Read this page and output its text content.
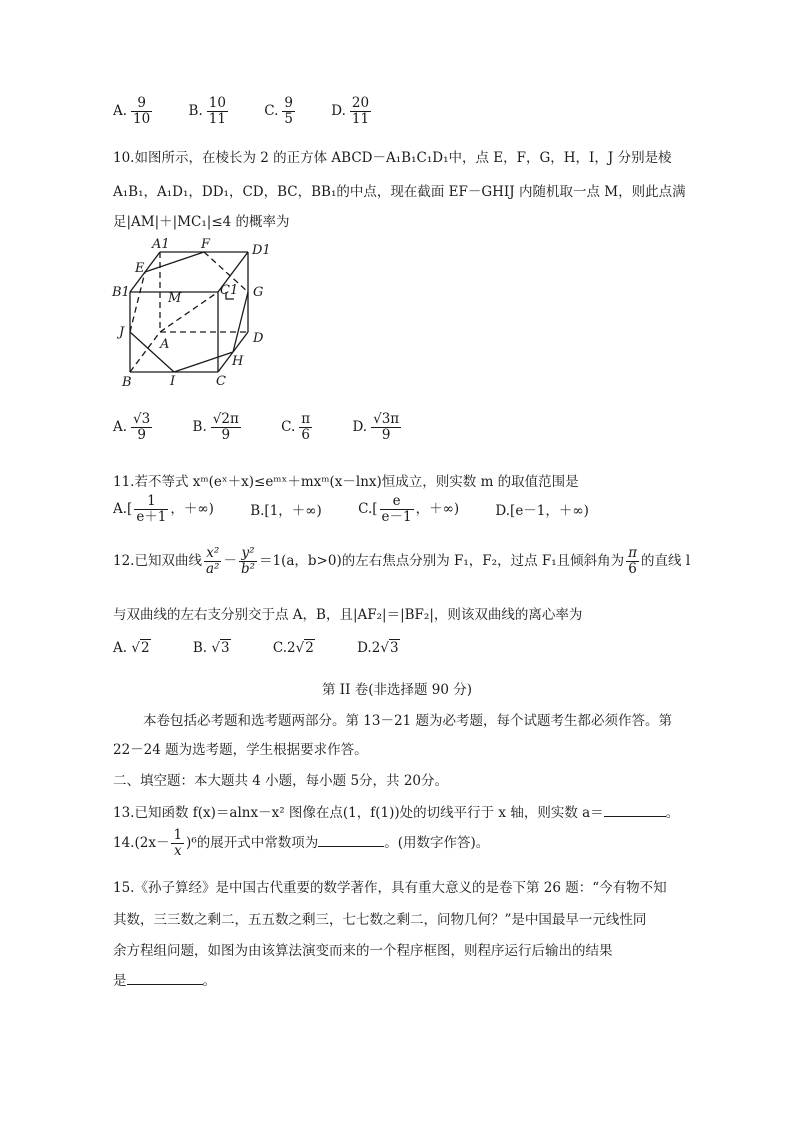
A. $\frac{9}{10}$	B. $\frac{10}{11}$	C. $\frac{9}{5}$	D. $\frac{20}{11}$
10.如图所示，在棱长为 2 的正方体 ABCD－A₁B₁C₁D₁中，点 E，F，G，H，I，J 分别是棱
A₁B₁，A₁D₁，DD₁，CD，BC，BB₁的中点，现在截面 EF－GHIJ 内随机取一点 M，则此点满
足|AM|＋|MC₁|≤4 的概率为
A1 F	D1
E
B1	M
C1 G
J
A	D
H
B	I	C
A. $\frac{√3}{9}$	B. $\frac{√2\pi}{9}$	C. $\frac{\pi}{6}$	D. $\frac{√3\pi}{9}$
11.若不等式 xᵐ(eˣ＋x)≤eᵐˣ＋mxᵐ(x－lnx)恒成立，则实数 m 的取值范围是
$A.[ \frac{1}{e+1}$ ，＋∞)	B.[1，＋∞)	$C.[ \frac{e}{e-1}$ ，＋∞)	D.[e－1，＋∞)
12.已知双曲线 $\frac{\text{x²}}{\text{a²}} - \frac{\text{y²}}{\text{b²}} =1(a$，b>0)的左右焦点分别为 F₁，F₂，过点 F₁且倾斜角为 $\frac{\pi}{6}$ 的直线 l
与双曲线的左右支分别交于点 A，B，且|AF₂|＝|BF₂|，则该双曲线的离心率为
A. √2	B. √3	C.2√2	D.2√3
第 II 卷(非选择题 90 分)
本卷包括必考题和选考题两部分。第 13－21 题为必考题，每个试题考生都必须作答。第
22－24 题为选考题，学生根据要求作答。
二、填空题：本大题共 4 小题，每小题 5分，共 20分。
13.已知函数 f(x)＝alnx－x² 图像在点(1，f(1))处的切线平行于 x 轴，则实数 a＝	。
$14.(2x- \frac{1}{x} )^6$的展开式中常数项为	。(用数字作答)。
15.《孙子算经》是中国古代重要的数学著作，具有重大意义的是卷下第 26 题：“今有物不知
其数，三三数之剩二，五五数之剩三，七七数之剩二，问物几何？”是中国最早一元线性同
余方程组问题，如图为由该算法演变而来的一个程序框图，则程序运行后输出的结果
是	。
